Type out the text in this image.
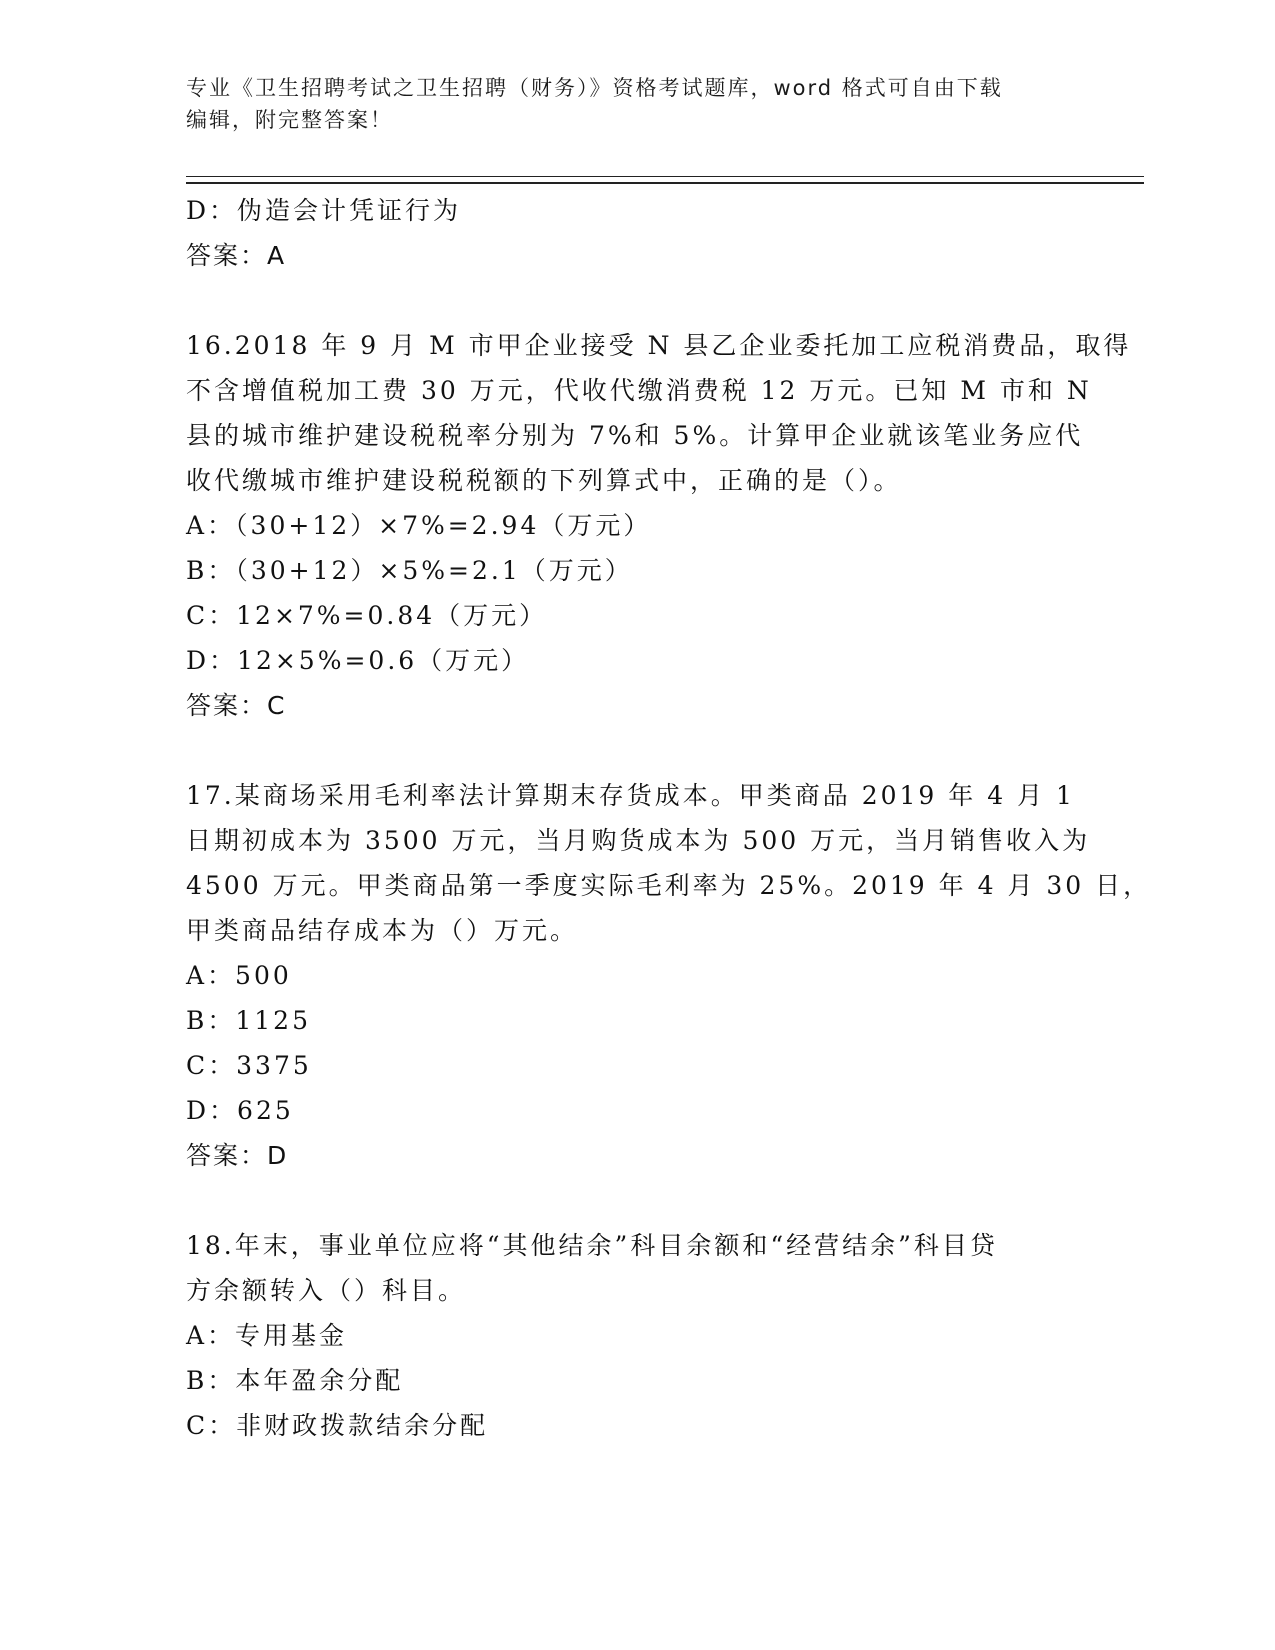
专业《卫生招聘考试之卫生招聘（财务）》资格考试题库，word 格式可自由下载
编辑，附完整答案！
D：伪造会计凭证行为
答案：A
16.2018 年 9 月 M 市甲企业接受 N 县乙企业委托加工应税消费品，取得
不含增值税加工费 30 万元，代收代缴消费税 12 万元。已知 M 市和 N
县的城市维护建设税税率分别为 7%和 5%。计算甲企业就该笔业务应代
收代缴城市维护建设税税额的下列算式中，正确的是（）。
A：（30+12）×7%=2.94（万元）
B：（30+12）×5%=2.1（万元）
C：12×7%=0.84（万元）
D：12×5%=0.6（万元）
答案：C
17.某商场采用毛利率法计算期末存货成本。甲类商品 2019 年 4 月 1
日期初成本为 3500 万元，当月购货成本为 500 万元，当月销售收入为
4500 万元。甲类商品第一季度实际毛利率为 25%。2019 年 4 月 30 日，
甲类商品结存成本为（）万元。
A：500
B：1125
C：3375
D：625
答案：D
18.年末，事业单位应将“其他结余”科目余额和“经营结余”科目贷
方余额转入（）科目。
A：专用基金
B：本年盈余分配
C：非财政拨款结余分配
